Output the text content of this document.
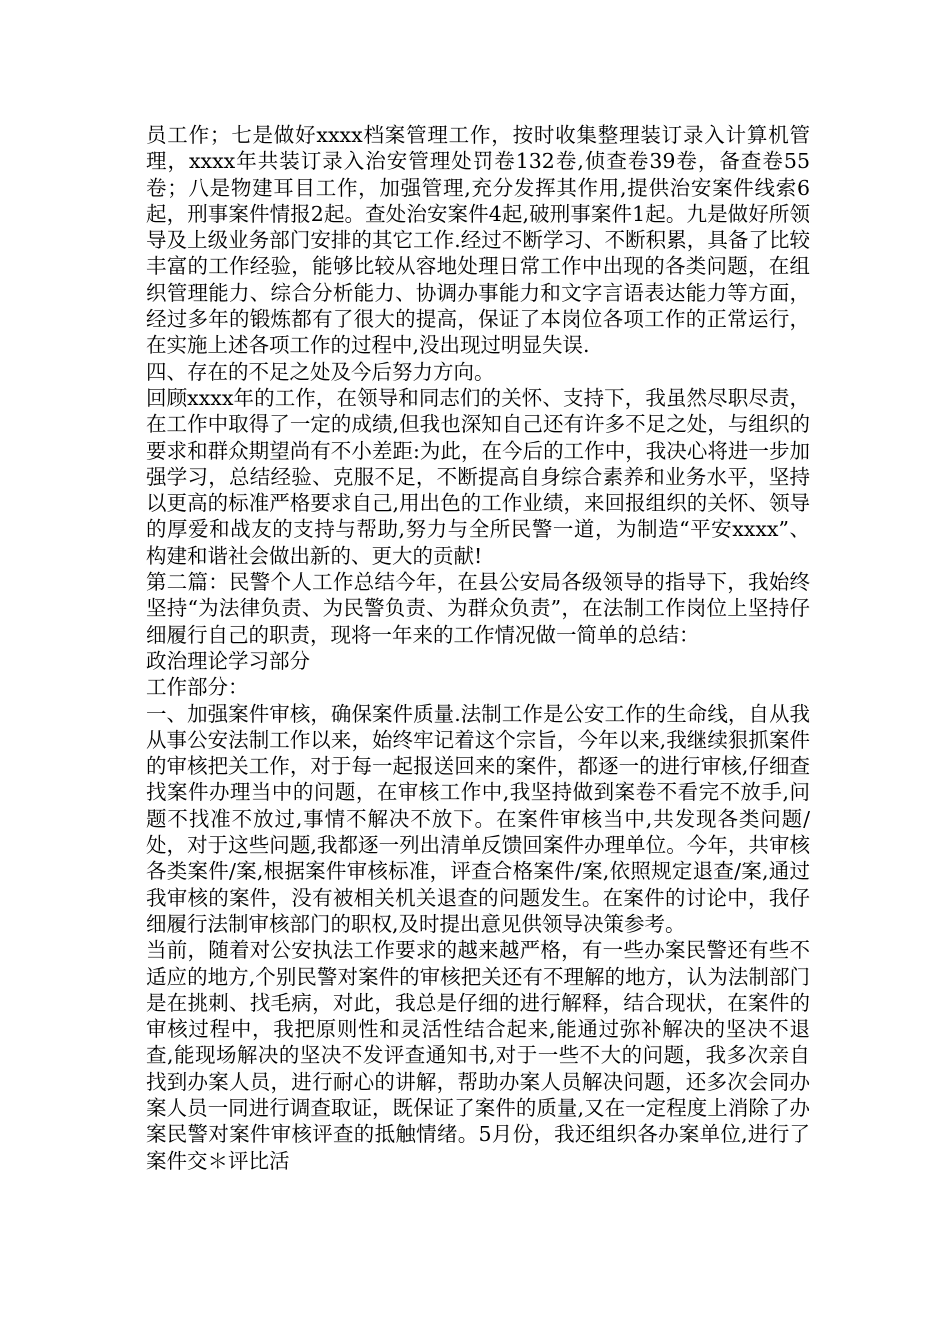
员工作；七是做好xxxx档案管理工作，按时收集整理装订录入计算机管理，xxxx年共装订录入治安管理处罚卷132卷,侦查卷39卷，备查卷55卷；八是物建耳目工作，加强管理,充分发挥其作用,提供治安案件线索6起，刑事案件情报2起。查处治安案件4起,破刑事案件1起。九是做好所领导及上级业务部门安排的其它工作.经过不断学习、不断积累，具备了比较丰富的工作经验，能够比较从容地处理日常工作中出现的各类问题，在组织管理能力、综合分析能力、协调办事能力和文字言语表达能力等方面，经过多年的锻炼都有了很大的提高，保证了本岗位各项工作的正常运行，在实施上述各项工作的过程中,没出现过明显失误.

四、存在的不足之处及今后努力方向。

回顾xxxx年的工作，在领导和同志们的关怀、支持下，我虽然尽职尽责，在工作中取得了一定的成绩,但我也深知自己还有许多不足之处，与组织的要求和群众期望尚有不小差距:为此，在今后的工作中，我决心将进一步加强学习，总结经验、克服不足，不断提高自身综合素养和业务水平，坚持以更高的标准严格要求自己,用出色的工作业绩，来回报组织的关怀、领导的厚爱和战友的支持与帮助,努力与全所民警一道，为制造“平安xxxx”、构建和谐社会做出新的、更大的贡献!

第二篇：民警个人工作总结今年，在县公安局各级领导的指导下，我始终坚持“为法律负责、为民警负责、为群众负责”，在法制工作岗位上坚持仔细履行自己的职责，现将一年来的工作情况做一简单的总结：

政治理论学习部分

工作部分：

一、加强案件审核，确保案件质量.法制工作是公安工作的生命线，自从我从事公安法制工作以来，始终牢记着这个宗旨，今年以来,我继续狠抓案件的审核把关工作，对于每一起报送回来的案件，都逐一的进行审核,仔细查找案件办理当中的问题，在审核工作中,我坚持做到案卷不看完不放手,问题不找准不放过,事情不解决不放下。在案件审核当中,共发现各类问题/处，对于这些问题,我都逐一列出清单反馈回案件办理单位。今年，共审核各类案件/案,根据案件审核标准，评查合格案件/案,依照规定退查/案,通过我审核的案件，没有被相关机关退查的问题发生。在案件的讨论中，我仔细履行法制审核部门的职权,及时提出意见供领导决策参考。

当前，随着对公安执法工作要求的越来越严格，有一些办案民警还有些不适应的地方,个别民警对案件的审核把关还有不理解的地方，认为法制部门是在挑刺、找毛病，对此，我总是仔细的进行解释，结合现状，在案件的审核过程中，我把原则性和灵活性结合起来,能通过弥补解决的坚决不退查,能现场解决的坚决不发评查通知书,对于一些不大的问题，我多次亲自找到办案人员，进行耐心的讲解，帮助办案人员解决问题，还多次会同办案人员一同进行调查取证，既保证了案件的质量,又在一定程度上消除了办案民警对案件审核评查的抵触情绪。5月份，我还组织各办案单位,进行了案件交＊评比活
